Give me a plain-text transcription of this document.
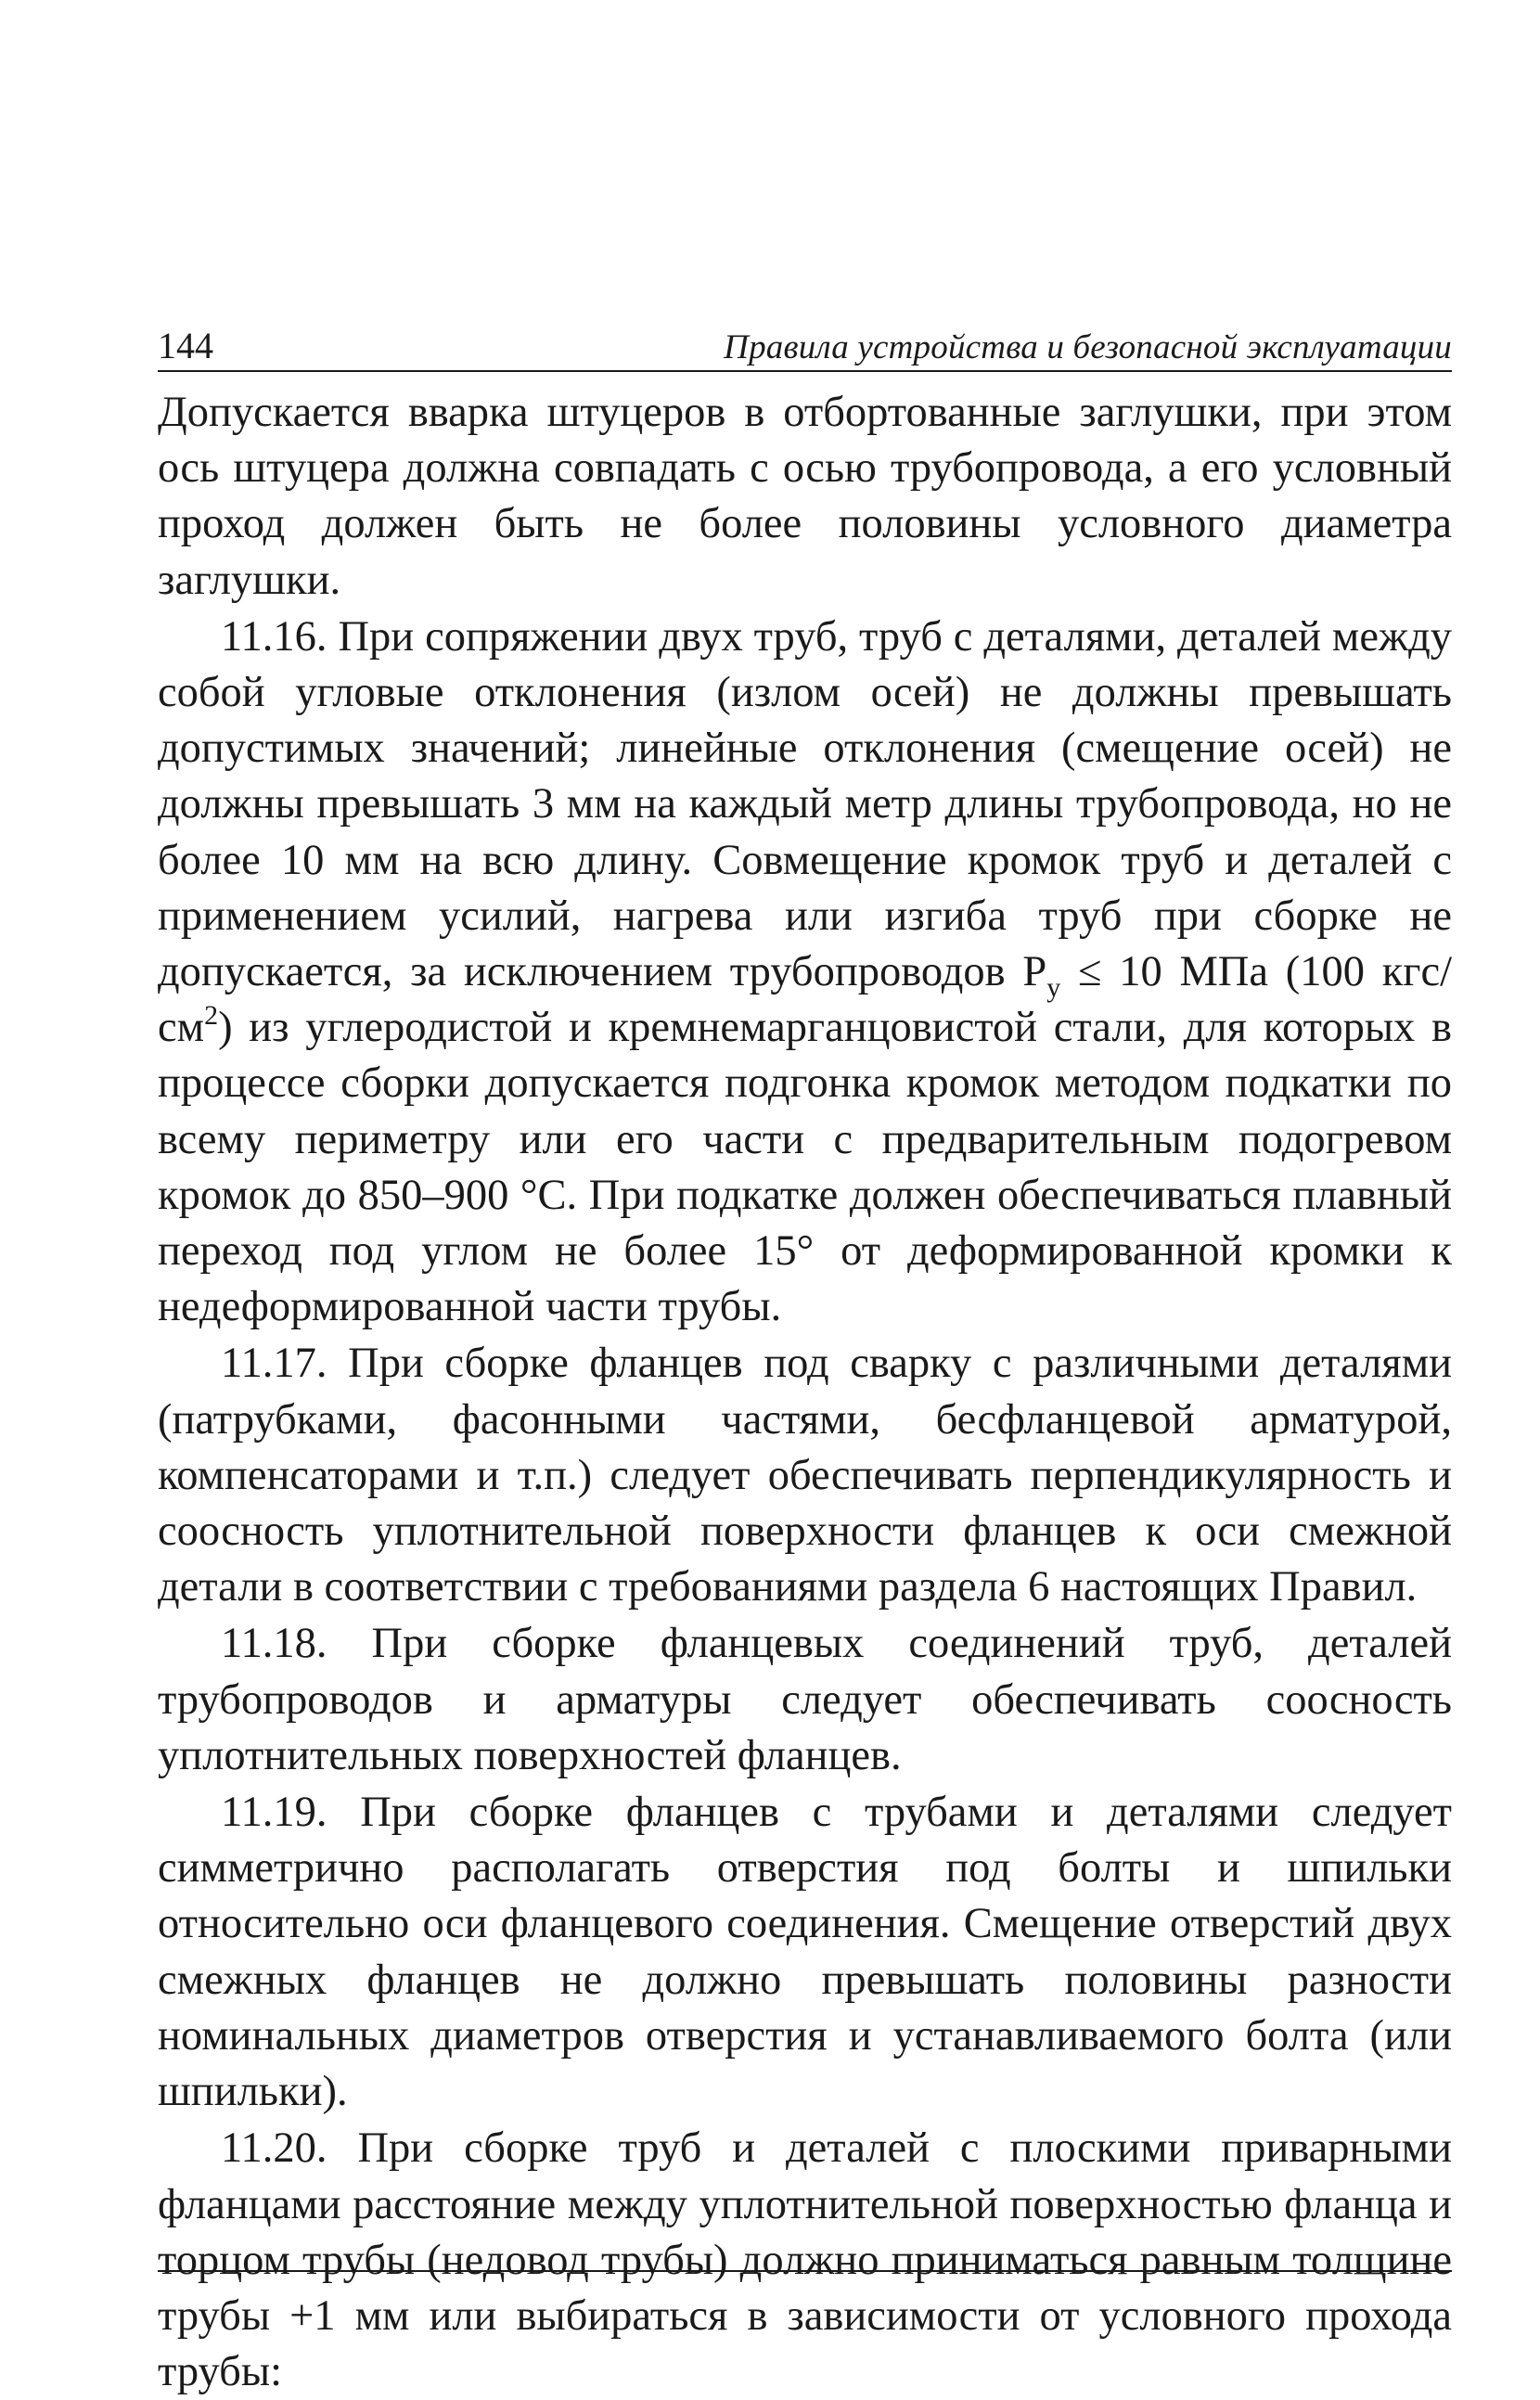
144	Правила устройства и безопасной эксплуатации

Допускается вварка штуцеров в отбортованные заглушки, при этом ось штуцера должна совпадать с осью трубопровода, а его условный проход должен быть не более половины условного диаметра заглушки.

11.16. При сопряжении двух труб, труб с деталями, деталей между собой угловые отклонения (излом осей) не должны превышать допустимых значений; линейные отклонения (смещение осей) не должны превышать 3 мм на каждый метр длины трубопровода, но не более 10 мм на всю длину. Совмещение кромок труб и деталей с применением усилий, нагрева или изгиба труб при сборке не допускается, за исключением трубопроводов $P_у \le 10$ МПа (100 кгс/$см^2$) из углеродистой и кремнемарганцовистой стали, для которых в процессе сборки допускается подгонка кромок методом подкатки по всему периметру или его части с предварительным подогревом кромок до 850–900 °С. При подкатке должен обеспечиваться плавный переход под углом не более 15° от деформированной кромки к недеформированной части трубы.

11.17. При сборке фланцев под сварку с различными деталями (патрубками, фасонными частями, бесфланцевой арматурой, компенсаторами и т.п.) следует обеспечивать перпендикулярность и соосность уплотнительной поверхности фланцев к оси смежной детали в соответствии с требованиями раздела 6 настоящих Правил.

11.18. При сборке фланцевых соединений труб, деталей трубопроводов и арматуры следует обеспечивать соосность уплотнительных поверхностей фланцев.

11.19. При сборке фланцев с трубами и деталями следует симметрично располагать отверстия под болты и шпильки относительно оси фланцевого соединения. Смещение отверстий двух смежных фланцев не должно превышать половины разности номинальных диаметров отверстия и устанавливаемого болта (или шпильки).

11.20. При сборке труб и деталей с плоскими приварными фланцами расстояние между уплотнительной поверхностью фланца и торцом трубы (недовод трубы) должно приниматься равным толщине трубы +1 мм или выбираться в зависимости от условного прохода трубы:
